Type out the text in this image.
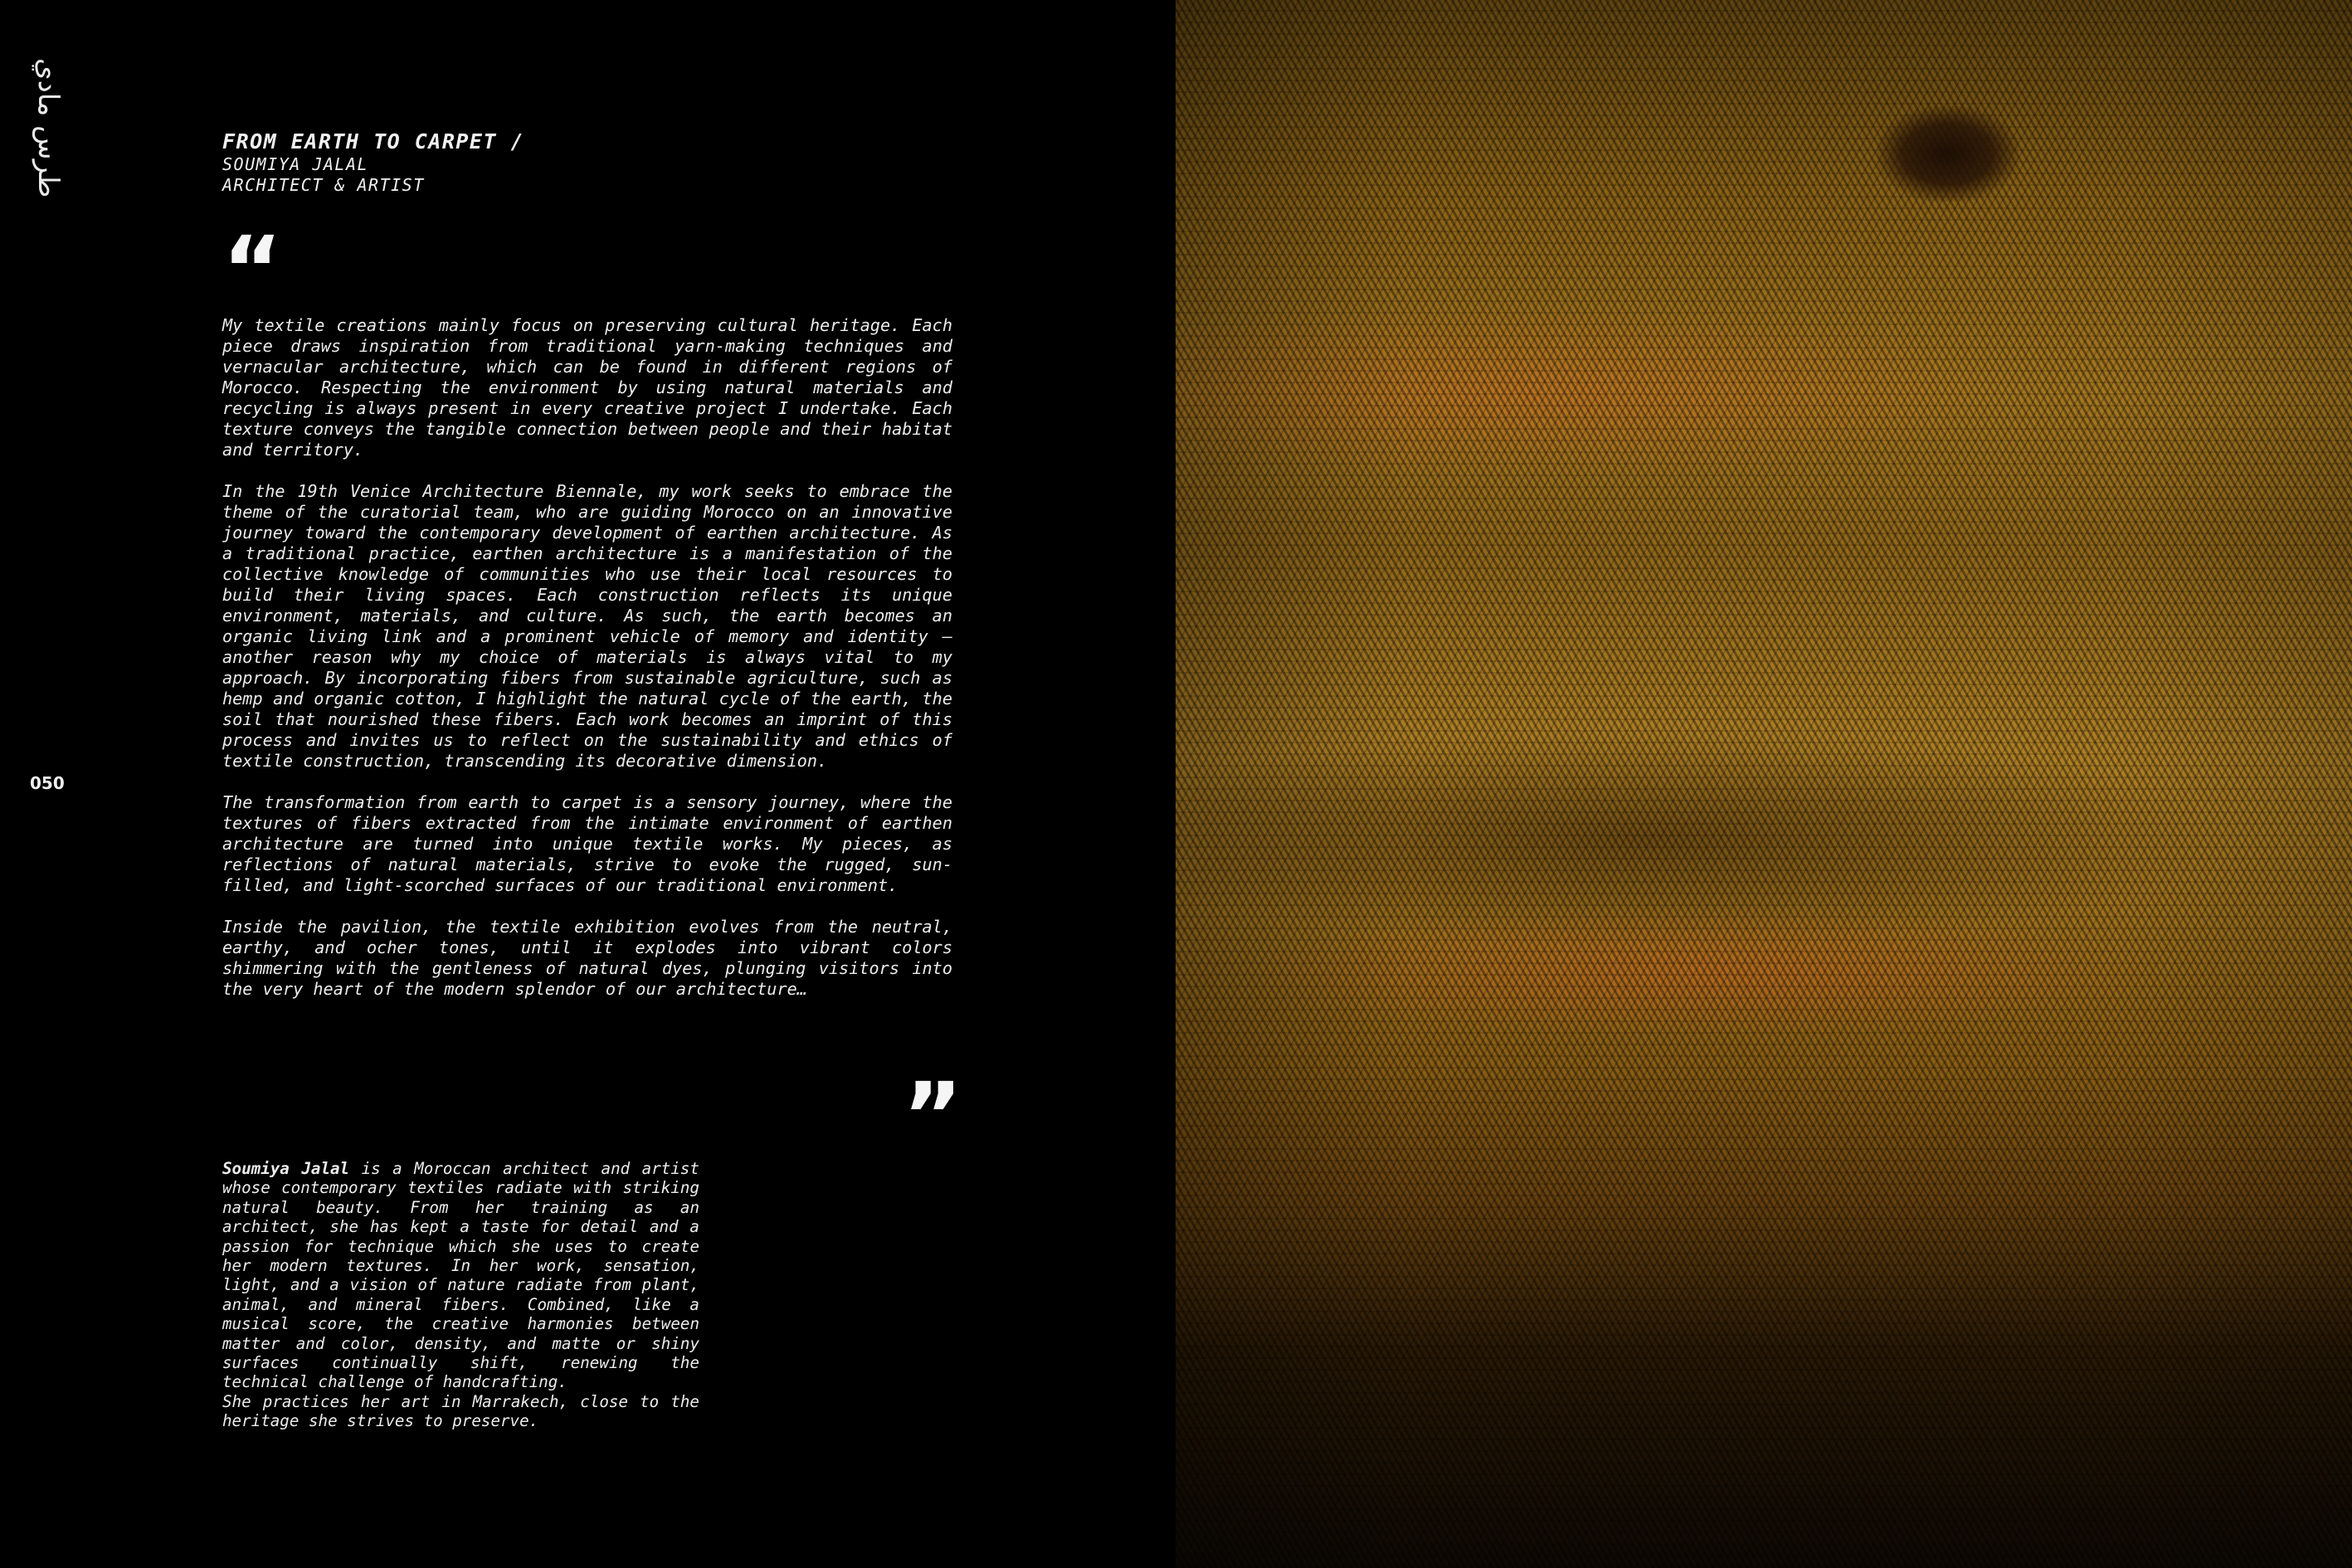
طرس مادي	FROM EARTH TO CARPET /
SOUMIYA JALAL
ARCHITECT & ARTIST
“

My textile creations mainly focus on preserving cultural heritage. Each piece draws inspiration from traditional yarn-making techniques and vernacular architecture, which can be found in different regions of Morocco. Respecting the environment by using natural materials and recycling is always present in every creative project I undertake. Each texture conveys the tangible connection between people and their habitat and territory.

In the 19th Venice Architecture Biennale, my work seeks to embrace the theme of the curatorial team, who are guiding Morocco on an innovative journey toward the contemporary development of earthen architecture. As a traditional practice, earthen architecture is a manifestation of the collective knowledge of communities who use their local resources to build their living spaces. Each construction reflects its unique environment, materials, and culture. As such, the earth becomes an organic living link and a prominent vehicle of memory and identity – another reason why my choice of materials is always vital to my approach. By incorporating fibers from sustainable agriculture, such as hemp and organic cotton, I highlight the natural cycle of the earth, the soil that nourished these fibers. Each work becomes an imprint of this process and invites us to reflect on the sustainability and ethics of textile construction, transcending its decorative dimension.

The transformation from earth to carpet is a sensory journey, where the textures of fibers extracted from the intimate environment of earthen architecture are turned into unique textile works. My pieces, as reflections of natural materials, strive to evoke the rugged, sun-filled, and light-scorched surfaces of our traditional environment.

Inside the pavilion, the textile exhibition evolves from the neutral, earthy, and ocher tones, until it explodes into vibrant colors shimmering with the gentleness of natural dyes, plunging visitors into the very heart of the modern splendor of our architecture…

”
050

Soumiya Jalal is a Moroccan architect and artist whose contemporary textiles radiate with striking natural beauty. From her training as an architect, she has kept a taste for detail and a passion for technique which she uses to create her modern textures. In her work, sensation, light, and a vision of nature radiate from plant, animal, and mineral fibers. Combined, like a musical score, the creative harmonies between matter and color, density, and matte or shiny surfaces continually shift, renewing the technical challenge of handcrafting.

She practices her art in Marrakech, close to the heritage she strives to preserve.
